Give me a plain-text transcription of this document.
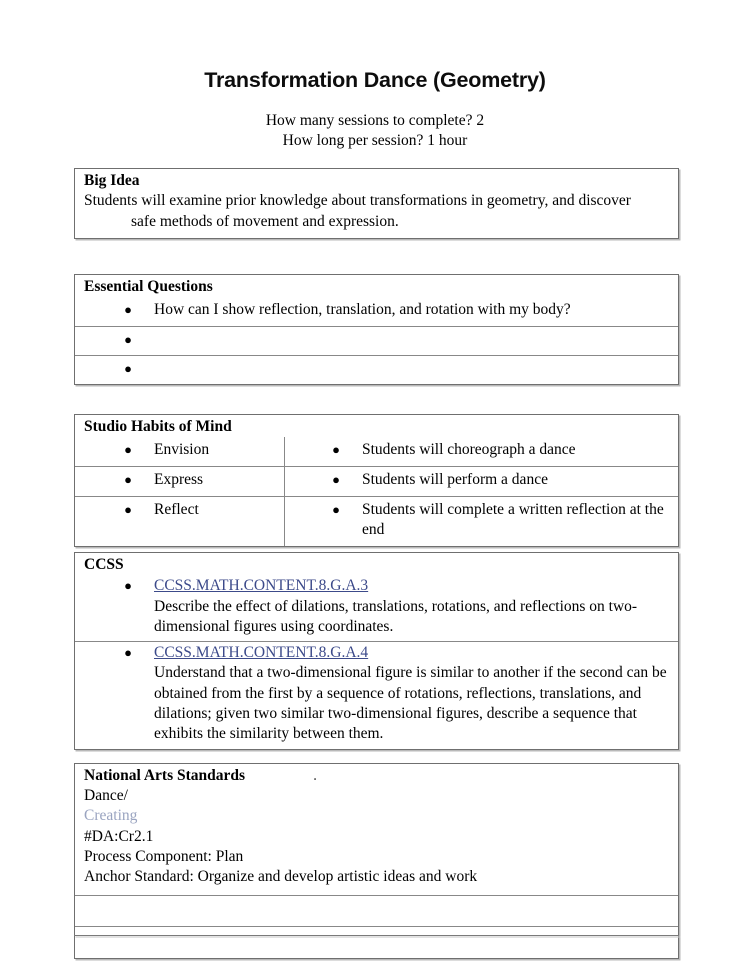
Transformation Dance (Geometry)
How many sessions to complete? 2
How long per session? 1 hour
Big Idea
Students will examine prior knowledge about transformations in geometry, and discover
safe methods of movement and expression.
Essential Questions
●
How can I show reflection, translation, and rotation with my body?
●
●
Studio Habits of Mind
●
Envision ●	Students will choreograph a dance
●
Express ●	Students will perform a dance
●
Reflect ●	Students will complete a written reflection at the end
CCSS
●
CCSS.MATH.CONTENT.8.G.A.3
Describe the effect of dilations, translations, rotations, and reflections on two-dimensional figures using coordinates.
●
CCSS.MATH.CONTENT.8.G.A.4
Understand that a two-dimensional figure is similar to another if the second can be obtained from the first by a sequence of rotations, reflections, translations, and dilations; given two similar two-dimensional figures, describe a sequence that exhibits the similarity between them.
National Arts Standards	.
Dance/
Creating
#DA:Cr2.1
Process Component: Plan
Anchor Standard: Organize and develop artistic ideas and work
